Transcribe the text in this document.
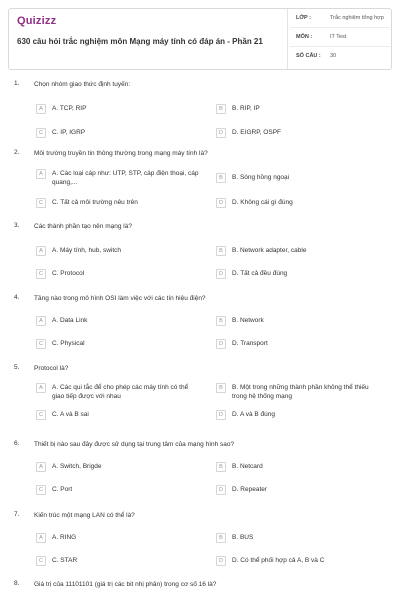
Quizizz
630 câu hỏi trắc nghiệm môn Mạng máy tính có đáp án - Phần 21
LỚP :	Trắc nghiệm tổng hợp
MÔN :	IT Test
SỐ CÂU : 30
1. Chọn nhóm giao thức định tuyến:
A	A. TCP, RIP	B	B. RIP, IP
C	C. IP, IGRP	D	D. EIGRP, OSPF
2. Môi trường truyền tin thông thường trong mạng máy tính là?
A	A. Các loại cáp như: UTP, STP, cáp điện thoại, cáp quang,...
B	B. Sóng hồng ngoại
C	C. Tất cả môi trường nêu trên	D	D. Không cái gì đúng
3. Các thành phần tạo nên mạng là?
A	A. Máy tính, hub, switch	B	B. Network adapter, cable
C	C. Protocol	D	D. Tất cả đều đúng
4. Tầng nào trong mô hình OSI làm việc với các tín hiệu điện?
A	A. Data Link	B	B. Network
C	C. Physical	D	D. Transport
5. Protocol là?
A	A. Các qui tắc để cho phép các máy tính có thể giao tiếp được với nhau
B	B. Một trong những thành phần không thể thiếu trong hệ thống mạng
C	C. A và B sai	D	D. A và B đúng
6. Thiết bị nào sau đây được sử dụng tại trung tâm của mạng hình sao?
A	A. Switch, Brigde	B	B. Netcard
C	C. Port	D	D. Repeater
7. Kiến trúc một mạng LAN có thể là?
A	A. RING	B	B. BUS
C	C. STAR	D	D. Có thể phối hợp cả A, B và C
8. Giá trị của 11101101 (giá trị các bit nhị phân) trong cơ số 16 là?
